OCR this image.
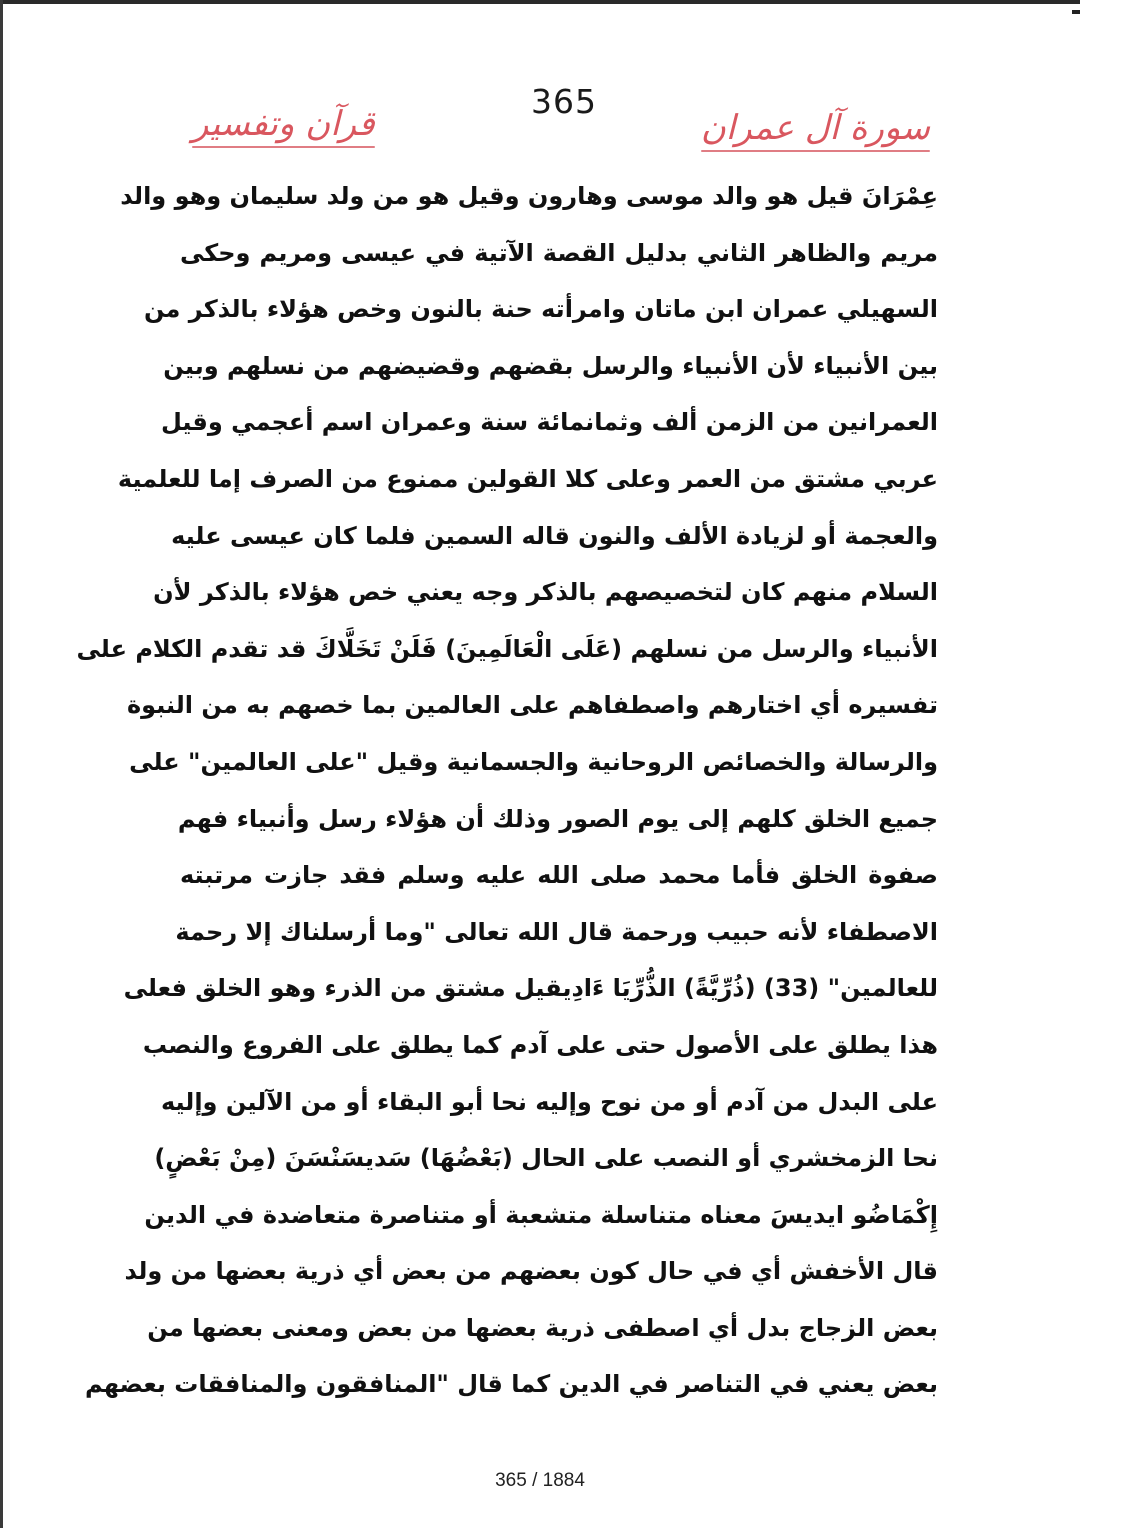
365
سورة آل عمران
قرآن وتفسير
عِمْرَانَ قيل هو والد موسى وهارون وقيل هو من ولد سليمان وهو والد
مريم والظاهر الثاني بدليل القصة الآتية في عيسى ومريم وحكى
السهيلي عمران ابن ماتان وامرأته حنة بالنون وخص هؤلاء بالذكر من
بين الأنبياء لأن الأنبياء والرسل بقضهم وقضيضهم من نسلهم وبين
العمرانين من الزمن ألف وثمانمائة سنة وعمران اسم أعجمي وقيل
عربي مشتق من العمر وعلى كلا القولين ممنوع من الصرف إما للعلمية
والعجمة أو لزيادة الألف والنون قاله السمين فلما كان عيسى عليه
السلام منهم كان لتخصيصهم بالذكر وجه يعني خص هؤلاء بالذكر لأن
الأنبياء والرسل من نسلهم (عَلَى الْعَالَمِينَ) فَلَنْ تَخَلَّاكَ قد تقدم الكلام على
تفسيره أي اختارهم واصطفاهم على العالمين بما خصهم به من النبوة
والرسالة والخصائص الروحانية والجسمانية وقيل "على العالمين" على
جميع الخلق كلهم إلى يوم الصور وذلك أن هؤلاء رسل وأنبياء فهم
صفوة الخلق فأما محمد صلى الله عليه وسلم فقد جازت مرتبته
الاصطفاء لأنه حبيب ورحمة قال الله تعالى "وما أرسلناك إلا رحمة
للعالمين" (33) (ذُرِّيَّةً) الذُّرِّيَا ءَادِيقيل مشتق من الذرء وهو الخلق فعلى
هذا يطلق على الأصول حتى على آدم كما يطلق على الفروع والنصب
على البدل من آدم أو من نوح وإليه نحا أبو البقاء أو من الآلين وإليه
نحا الزمخشري أو النصب على الحال (بَعْضُهَا) سَديسَنْسَنَ (مِنْ بَعْضٍ)
إِكْمَاضُو ايديسَ معناه متناسلة متشعبة أو متناصرة متعاضدة في الدين
قال الأخفش أي في حال كون بعضهم من بعض أي ذرية بعضها من ولد
بعض الزجاج بدل أي اصطفى ذرية بعضها من بعض ومعنى بعضها من
بعض يعني في التناصر في الدين كما قال "المنافقون والمنافقات بعضهم
365 / 1884
